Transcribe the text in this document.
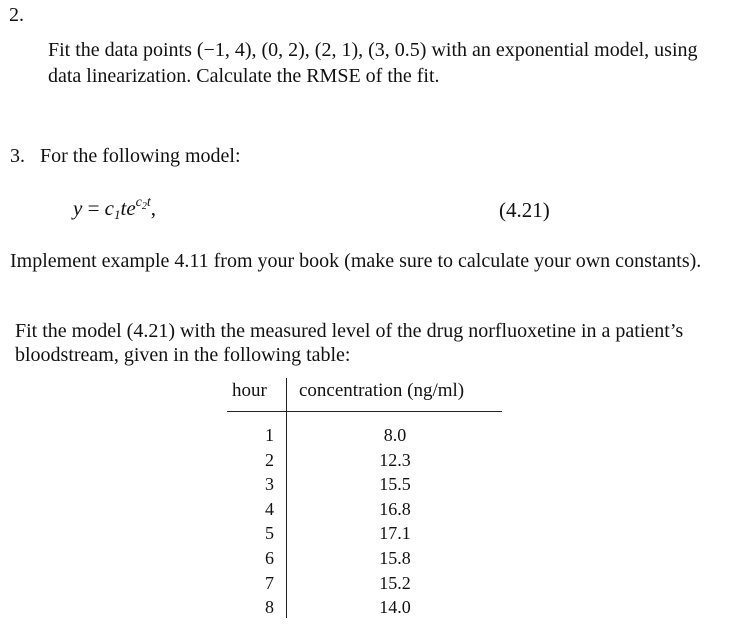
2.
Fit the data points (−1, 4), (0, 2), (2, 1), (3, 0.5) with an exponential model, using
data linearization. Calculate the RMSE of the fit.
3. For the following model:
$y = c_1te^{c_2t}$,	(4.21)
Implement example 4.11 from your book (make sure to calculate your own constants).
Fit the model (4.21) with the measured level of the drug norfluoxetine in a patient’s
bloodstream, given in the following table:
hour concentration (ng/ml)
1
2
3
4
5
6
7
8
8.0
12.3
15.5
16.8
17.1
15.8
15.2
14.0
